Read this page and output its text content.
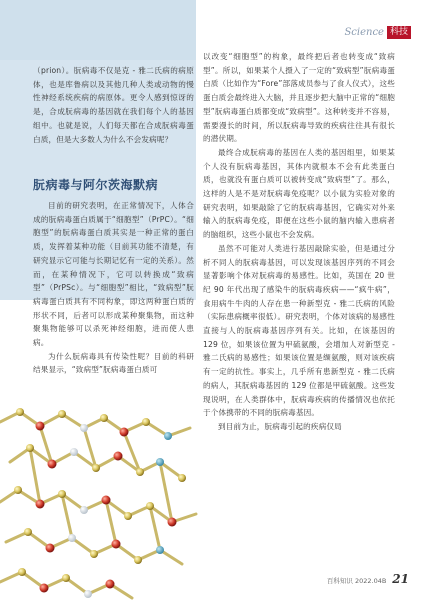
Science 科技

（prion）。朊病毒不仅是克 - 雅二氏病的病原体，也是库鲁病以及其他几种人类或动物的慢性神经系统疾病的病原体。更令人感到惊讶的是，合成朊病毒的基因就在我们每个人的基因组中。也就是说，人们每天都在合成朊病毒蛋白质，但是大多数人为什么不会发病呢？

朊病毒与阿尔茨海默病

目前的研究表明，在正常情况下，人体合成的朊病毒蛋白质属于“细胞型”（PrPC）。“细胞型”的朊病毒蛋白质其实是一种正常的蛋白质，发挥着某种功能（目前其功能不清楚，有研究显示它可能与长期记忆有一定的关系）。然而，在某种情况下，它可以转换成“致病型”（PrPSc）。与“细胞型”相比，“致病型”朊病毒蛋白质具有不同构象，即这两种蛋白质的形状不同，后者可以形成某种聚集物，而这种聚集物能够可以杀死神经细胞，进而使人患病。

为什么朊病毒具有传染性呢？目前的科研结果显示，“致病型”朊病毒蛋白质可

以改变“细胞型”的构象，最终把后者也转变成“致病型”。所以，如果某个人摄入了一定的“致病型”朊病毒蛋白质（比如作为“Fore”部落成员参与了食人仪式），这些蛋白质会最终进入大脑，并且逐步把大脑中正常的“细胞型”朊病毒蛋白质都变成“致病型”。这种转变并不容易，需要漫长的时间，所以朊病毒导致的疾病往往具有很长的潜伏期。

最终合成朊病毒的基因在人类的基因组里，如果某个人没有朊病毒基因，其体内就根本不会有此类蛋白质，也就没有蛋白质可以被转变成“致病型”了。那么，这样的人是不是对朊病毒免疫呢？以小鼠为实验对象的研究表明，如果敲除了它的朊病毒基因，它确实对外来输入的朊病毒免疫，即便在这些小鼠的脑内输入患病者的脑组织，这些小鼠也不会发病。

虽然不可能对人类进行基因敲除实验，但是通过分析不同人的朊病毒基因，可以发现该基因序列的不同会显著影响个体对朊病毒的易感性。比如，英国在 20 世纪 90 年代出现了感染牛的朊病毒疾病——“疯牛病”，食用病牛牛肉的人存在患一种新型克 - 雅二氏病的风险（实际患病概率很低）。研究表明，个体对该病的易感性直接与人的朊病毒基因序列有关。比如，在该基因的 129 位，如果该位置为甲硫氨酸，会增加人对新型克 - 雅二氏病的易感性；如果该位置是缬氨酸，则对该疾病有一定的抗性。事实上，几乎所有患新型克 - 雅二氏病的病人，其朊病毒基因的 129 位都是甲硫氨酸。这些发现说明，在人类群体中，朊病毒疾病的传播情况也依托于个体携带的不同的朊病毒基因。

到目前为止，朊病毒引起的疾病仅局

百科知识 2022.04B 21
